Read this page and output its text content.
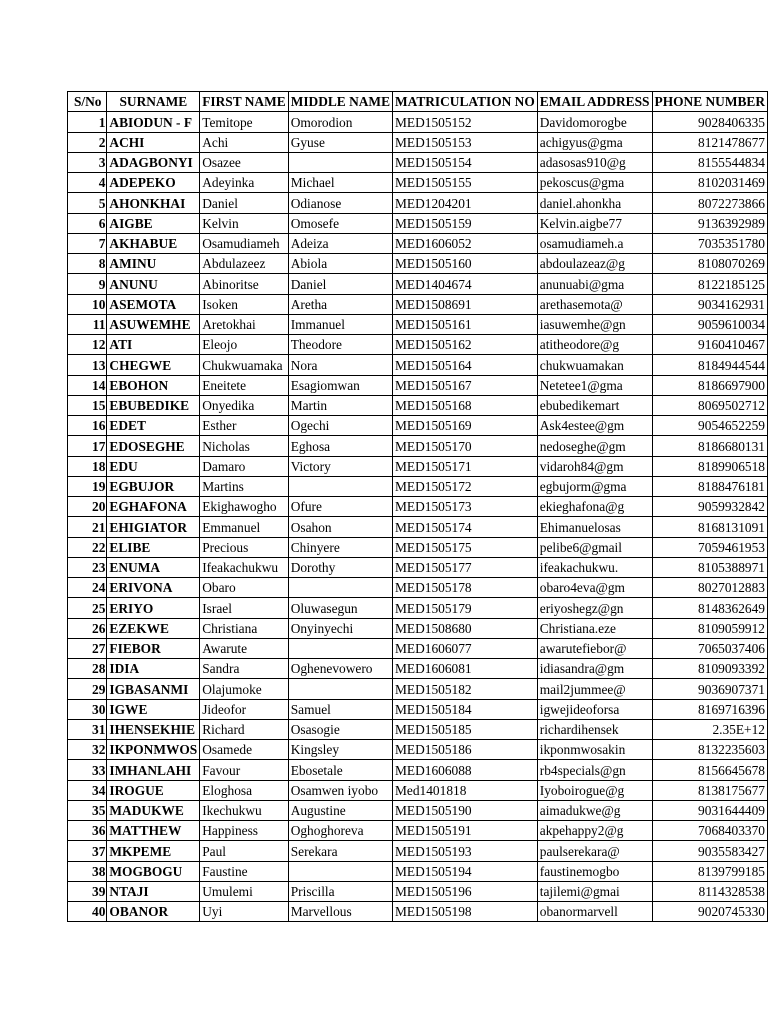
S/No	SURNAME	FIRST NAME	MIDDLE NAME	MATRICULATION NO	EMAIL ADDRESS	PHONE NUMBER
1	ABIODUN - F	Temitope	Omorodion	MED1505152	Davidomorogbe	9028406335
2	ACHI	Achi	Gyuse	MED1505153	achigyus@gma	8121478677
3	ADAGBONYI	Osazee		MED1505154	adasosas910@g	8155544834
4	ADEPEKO	Adeyinka	Michael	MED1505155	pekoscus@gma	8102031469
5	AHONKHAI	Daniel	Odianose	MED1204201	daniel.ahonkha	8072273866
6	AIGBE	Kelvin	Omosefe	MED1505159	Kelvin.aigbe77	9136392989
7	AKHABUE	Osamudiameh	Adeiza	MED1606052	osamudiameh.a	7035351780
8	AMINU	Abdulazeez	Abiola	MED1505160	abdoulazeaz@g	8108070269
9	ANUNU	Abinoritse	Daniel	MED1404674	anunuabi@gma	8122185125
10	ASEMOTA	Isoken	Aretha	MED1508691	arethasemota@	9034162931
11	ASUWEMHE	Aretokhai	Immanuel	MED1505161	iasuwemhe@gn	9059610034
12	ATI	Eleojo	Theodore	MED1505162	atitheodore@g	9160410467
13	CHEGWE	Chukwuamaka	Nora	MED1505164	chukwuamakan	8184944544
14	EBOHON	Eneitete	Esagiomwan	MED1505167	Netetee1@gma	8186697900
15	EBUBEDIKE	Onyedika	Martin	MED1505168	ebubedikemart	8069502712
16	EDET	Esther	Ogechi	MED1505169	Ask4estee@gm	9054652259
17	EDOSEGHE	Nicholas	Eghosa	MED1505170	nedoseghe@gm	8186680131
18	EDU	Damaro	Victory	MED1505171	vidaroh84@gm	8189906518
19	EGBUJOR	Martins		MED1505172	egbujorm@gma	8188476181
20	EGHAFONA	Ekighawogho	Ofure	MED1505173	ekieghafona@g	9059932842
21	EHIGIATOR	Emmanuel	Osahon	MED1505174	Ehimanuelosas	8168131091
22	ELIBE	Precious	Chinyere	MED1505175	pelibe6@gmail	7059461953
23	ENUMA	Ifeakachukwu	Dorothy	MED1505177	ifeakachukwu.	8105388971
24	ERIVONA	Obaro		MED1505178	obaro4eva@gm	8027012883
25	ERIYO	Israel	Oluwasegun	MED1505179	eriyoshegz@gn	8148362649
26	EZEKWE	Christiana	Onyinyechi	MED1508680	Christiana.eze	8109059912
27	FIEBOR	Awarute		MED1606077	awarutefiebor@	7065037406
28	IDIA	Sandra	Oghenevowero	MED1606081	idiasandra@gm	8109093392
29	IGBASANMI	Olajumoke		MED1505182	mail2jummee@	9036907371
30	IGWE	Jideofor	Samuel	MED1505184	igwejideoforsa	8169716396
31	IHENSEKHIE	Richard	Osasogie	MED1505185	richardihensek	2.35E+12
32	IKPONMWOS	Osamede	Kingsley	MED1505186	ikponmwosakin	8132235603
33	IMHANLAHI	Favour	Ebosetale	MED1606088	rb4specials@gn	8156645678
34	IROGUE	Eloghosa	Osamwen iyobo	Med1401818	Iyoboirogue@g	8138175677
35	MADUKWE	Ikechukwu	Augustine	MED1505190	aimadukwe@g	9031644409
36	MATTHEW	Happiness	Oghoghoreva	MED1505191	akpehappy2@g	7068403370
37	MKPEME	Paul	Serekara	MED1505193	paulserekara@	9035583427
38	MOGBOGU	Faustine		MED1505194	faustinemogbo	8139799185
39	NTAJI	Umulemi	Priscilla	MED1505196	tajilemi@gmai	8114328538
40	OBANOR	Uyi	Marvellous	MED1505198	obanormarvell	9020745330
